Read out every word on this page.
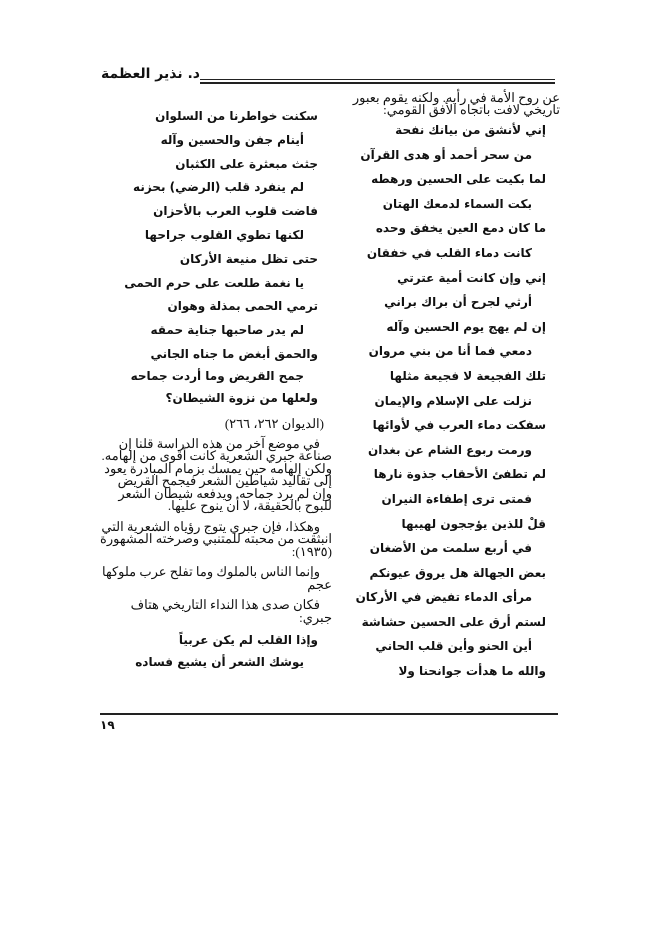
د. نذير العظمة

عن روح الأمة في رأيه. ولكنه يقوم بعبور تاريخي لافت باتجاه الأفق القومي:

إني لأنشق من بيانك نفحة
من سحر أحمد أو هدى القرآن
لما بكيت على الحسين ورهطه
بكت السماء لدمعك الهتان
ما كان دمع العين يخفق وحده
كانت دماء القلب في خفقان
إني وإن كانت أمية عترتي
أرثي لجرح أن براك براني
إن لم يهج يوم الحسين وآله
دمعي فما أنا من بني مروان
تلك الفجيعة لا فجيعة مثلها
نزلت على الإسلام والإيمان
سفكت دماء العرب في لأوائها
ورمت ربوع الشام عن بغدان
لم تطفئ الأحقاب جذوة نارها
فمتى ترى إطفاءة النيران
قلْ للذين يؤججون لهيبها
في أربع سلمت من الأضغان
بعض الجهالة هل يروق عيونكم
مرأى الدماء تفيض في الأركان
لستم أرق على الحسين حشاشة
أين الحنو وأين قلب الحاني
والله ما هدأت جوانحنا ولا
سكنت خواطرنا من السلوان
أينام جفن والحسين وآله
جثث مبعثرة على الكثبان
لم ينفرد قلب (الرضي) بحزنه
فاضت قلوب العرب بالأحزان
لكنها تطوي القلوب جراحها
حتى تظل منيعة الأركان
يا نغمة طلعت على حرم الحمى
ترمي الحمى بمذلة وهوان
لم يدر صاحبها جناية حمقه
والحمق أبغض ما جناه الجاني
جمح القريض وما أردت جماحه
ولعلها من نزوة الشيطان؟
(الديوان ٢٦٢، ٢٦٦)

في موضع آخر من هذه الدراسة قلنا إن صناعة جبري الشعرية كانت أقوى من إلهامه. ولكن إلهامه حين يمسك بزمام المبادرة يعود إلى تقاليد شياطين الشعر فيجمح القريض وإن لم يرد جماحه. ويدفعه شيطان الشعر للبوح بالحقيقة، لا أن ينوح عليها.

وهكذا، فإن جبري يتوج رؤياه الشعرية التي انبثقت من محبته للمتنبي وصرخته المشهورة (١٩٣٥):

وإنما الناس بالملوك وما تفلح عرب ملوكها عجم

فكان صدى هذا النداء التاريخي هتاف جبري:

وإذا القلب لم يكن عربياً
يوشك الشعر أن يشيع فساده
١٩
